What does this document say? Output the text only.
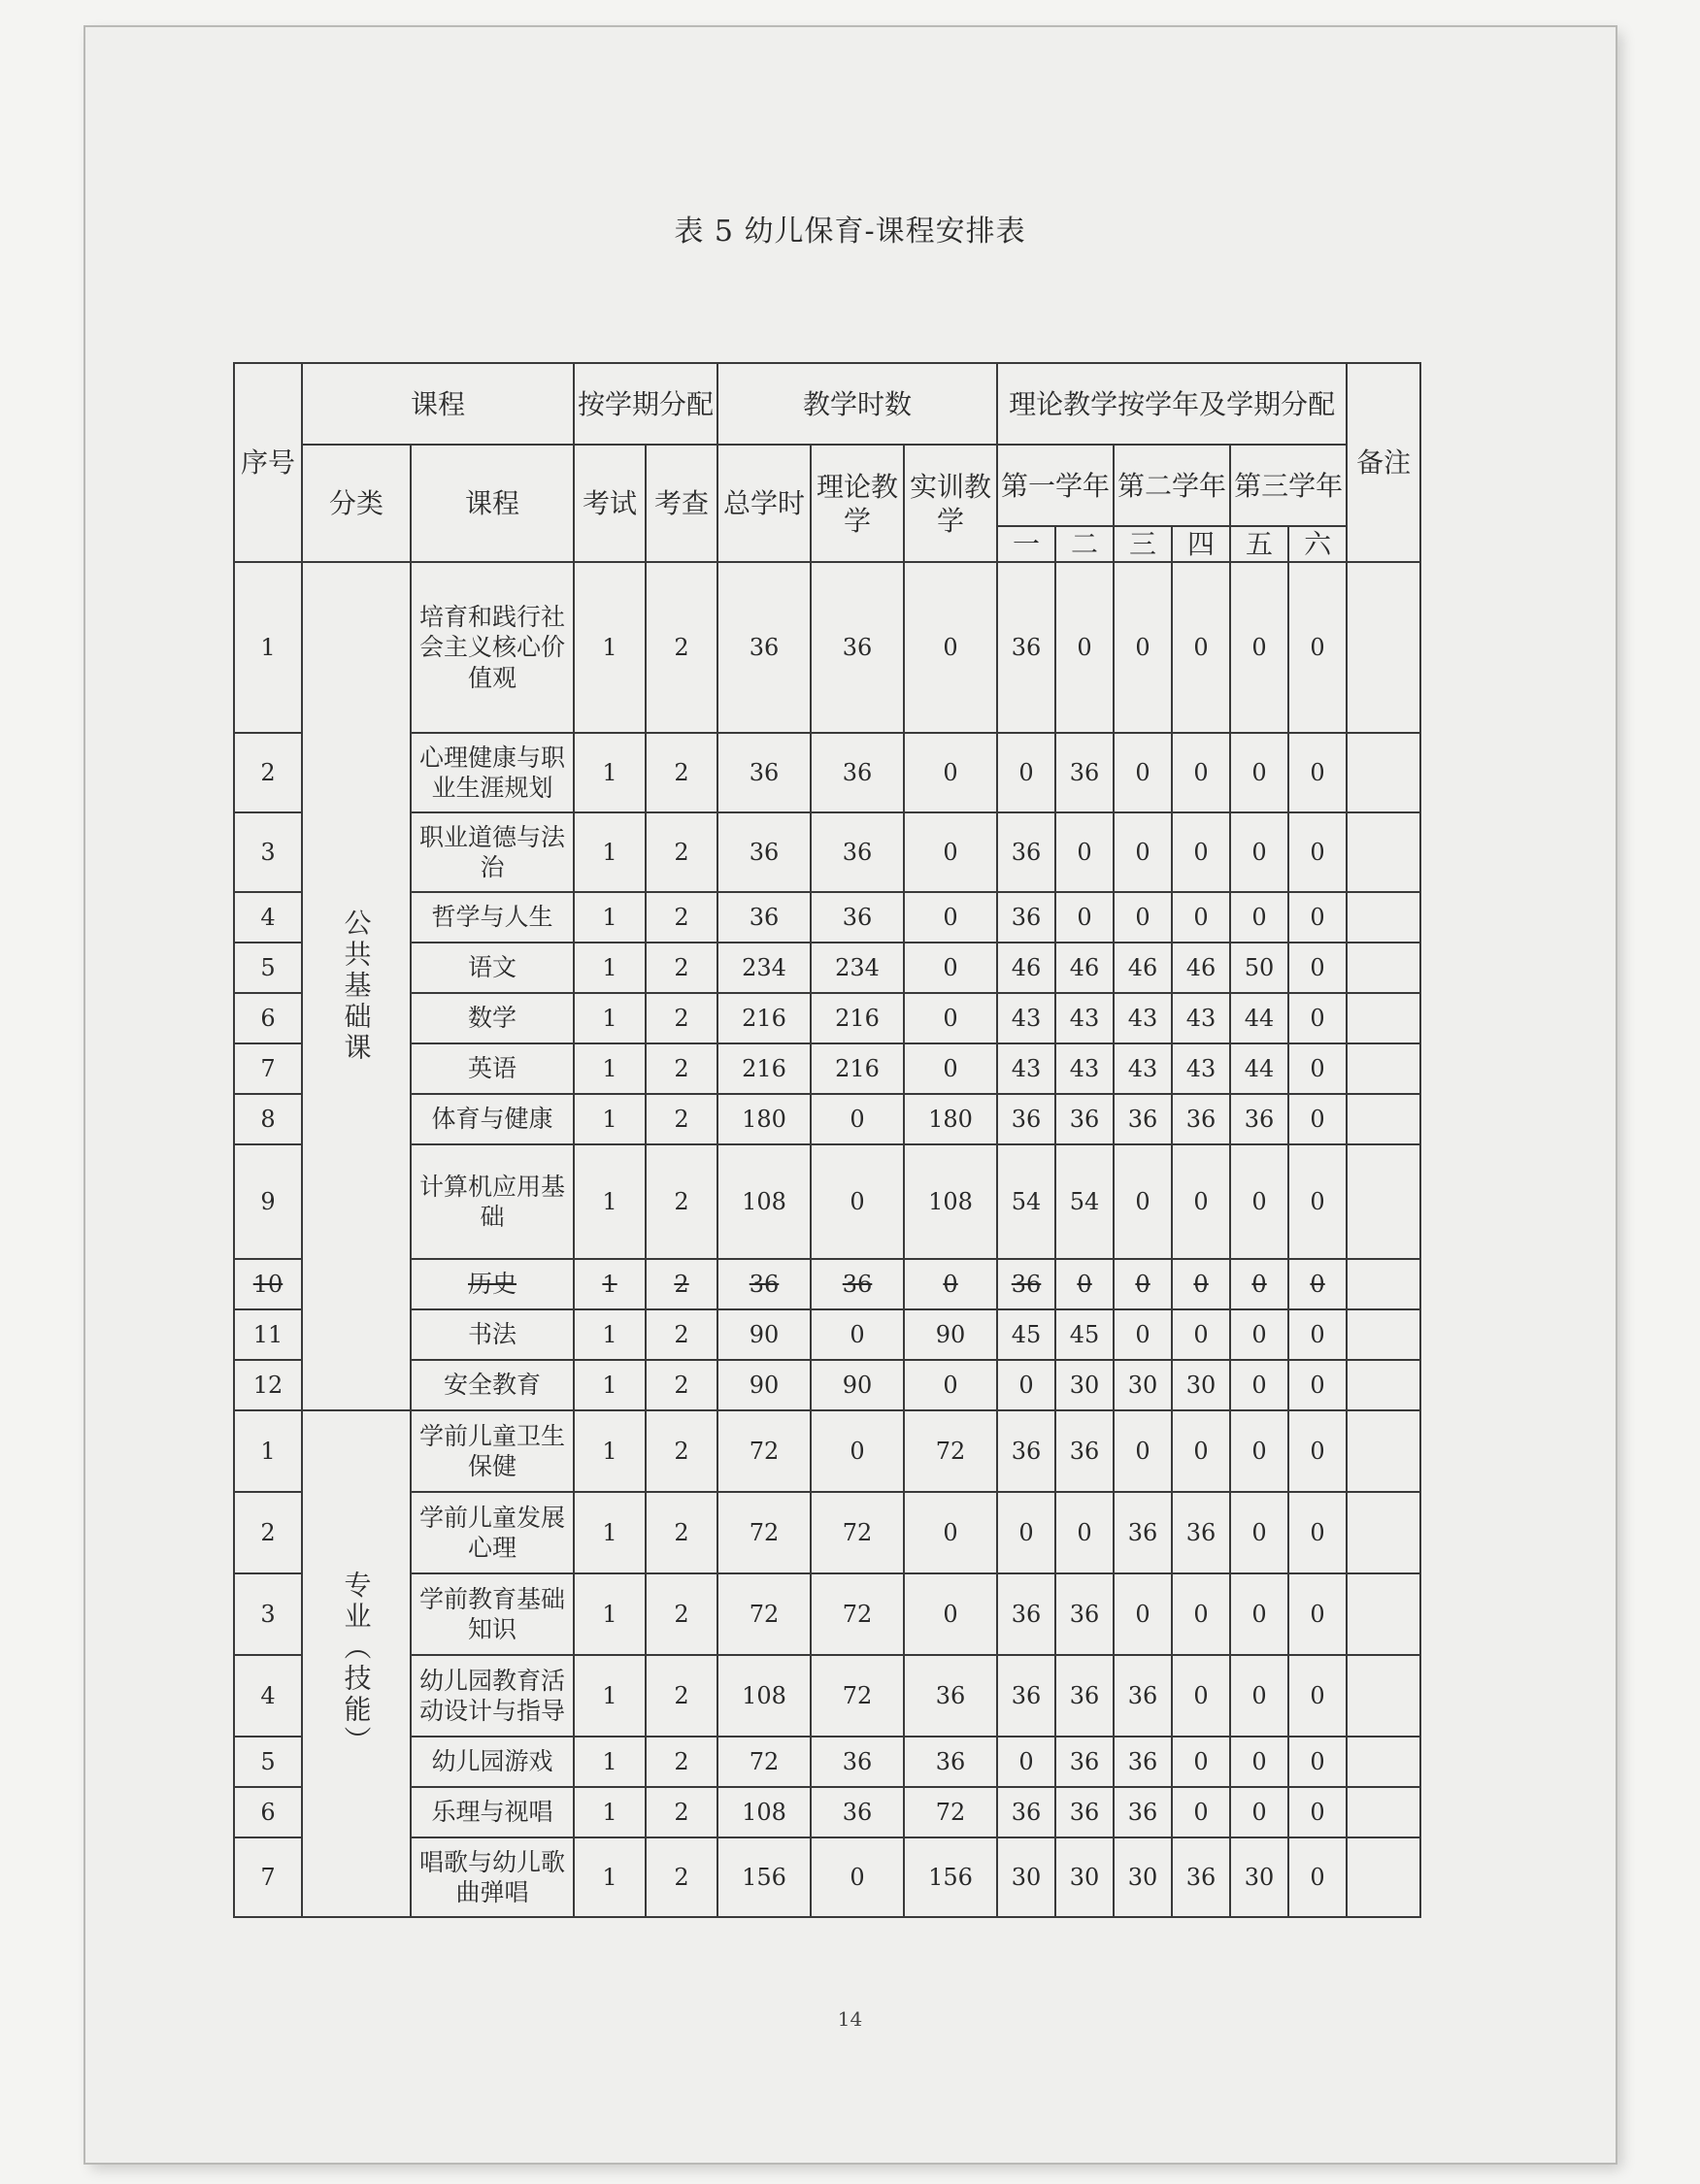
表 5 幼儿保育-课程安排表
序号	课程		按学期分配		教学时数			理论教学按学年及学期分配						备注
	分类	课程	考试	考查	总学时	理论教学	实训教学	第一学年		第二学年		第三学年		
								一	二	三	四	五	六	
1	公共基础课	培育和践行社会主义核心价值观	1	2	36	36	0	36	0	0	0	0	0	
2		心理健康与职业生涯规划	1	2	36	36	0	0	36	0	0	0	0	
3		职业道德与法治	1	2	36	36	0	36	0	0	0	0	0	
4		哲学与人生	1	2	36	36	0	36	0	0	0	0	0	
5		语文	1	2	234	234	0	46	46	46	46	50	0	
6		数学	1	2	216	216	0	43	43	43	43	44	0	
7		英语	1	2	216	216	0	43	43	43	43	44	0	
8		体育与健康	1	2	180	0	180	36	36	36	36	36	0	
9		计算机应用基础	1	2	108	0	108	54	54	0	0	0	0	
10		历史	1	2	36	36	0	36	0	0	0	0	0	
11		书法	1	2	90	0	90	45	45	0	0	0	0	
12		安全教育	1	2	90	90	0	0	30	30	30	0	0	
1	专业（技能）	学前儿童卫生保健	1	2	72	0	72	36	36	0	0	0	0	
2		学前儿童发展心理	1	2	72	72	0	0	0	36	36	0	0	
3		学前教育基础知识	1	2	72	72	0	36	36	0	0	0	0	
4		幼儿园教育活动设计与指导	1	2	108	72	36	36	36	36	0	0	0	
5		幼儿园游戏	1	2	72	36	36	0	36	36	0	0	0	
6		乐理与视唱	1	2	108	36	72	36	36	36	0	0	0	
7		唱歌与幼儿歌曲弹唱	1	2	156	0	156	30	30	30	36	30	0	
14
